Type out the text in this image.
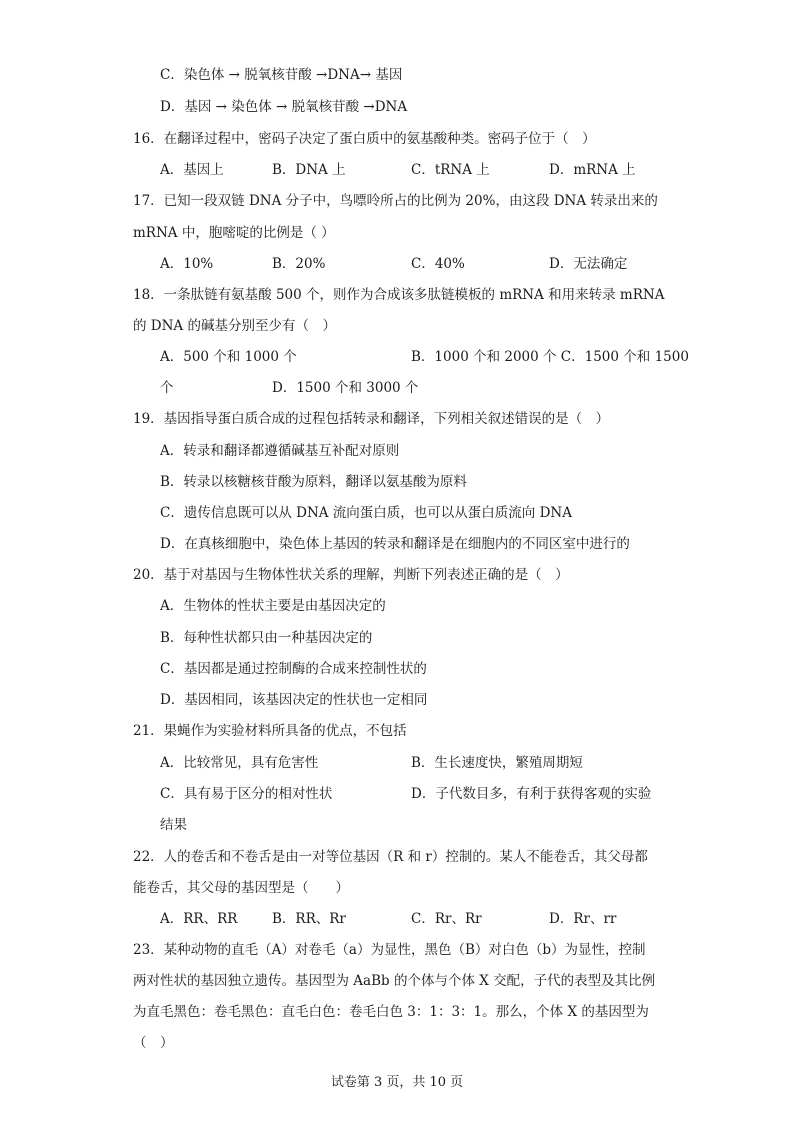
C．染色体 → 脱氧核苷酸 →DNA→ 基因
D．基因 → 染色体 → 脱氧核苷酸 →DNA
16．在翻译过程中，密码子决定了蛋白质中的氨基酸种类。密码子位于（　）
A．基因上	B．DNA 上	C．tRNA 上	D．mRNA 上
17．已知一段双链 DNA 分子中，鸟嘌呤所占的比例为 20%，由这段 DNA 转录出来的
mRNA 中，胞嘧啶的比例是（ ）
A．10%	B．20%	C．40%	D．无法确定
18．一条肽链有氨基酸 500 个，则作为合成该多肽链模板的 mRNA 和用来转录 mRNA
的 DNA 的碱基分别至少有（　）
A．500 个和 1000 个	B．1000 个和 2000 个 C．1500 个和 1500
个	D．1500 个和 3000 个
19．基因指导蛋白质合成的过程包括转录和翻译，下列相关叙述错误的是（　）
A．转录和翻译都遵循碱基互补配对原则
B．转录以核糖核苷酸为原料，翻译以氨基酸为原料
C．遗传信息既可以从 DNA 流向蛋白质，也可以从蛋白质流向 DNA
D．在真核细胞中，染色体上基因的转录和翻译是在细胞内的不同区室中进行的
20．基于对基因与生物体性状关系的理解，判断下列表述正确的是（　）
A．生物体的性状主要是由基因决定的
B．每种性状都只由一种基因决定的
C．基因都是通过控制酶的合成来控制性状的
D．基因相同，该基因决定的性状也一定相同
21．果蝇作为实验材料所具备的优点，不包括
A．比较常见，具有危害性	B．生长速度快，繁殖周期短
C．具有易于区分的相对性状	D．子代数目多，有利于获得客观的实验
结果
22．人的卷舌和不卷舌是由一对等位基因（R 和 r）控制的。某人不能卷舌，其父母都
能卷舌，其父母的基因型是（　　）
A．RR、RR	B．RR、Rr	C．Rr、Rr	D．Rr、rr
23．某种动物的直毛（A）对卷毛（a）为显性，黑色（B）对白色（b）为显性，控制
两对性状的基因独立遗传。基因型为 AaBb 的个体与个体 X 交配，子代的表型及其比例
为直毛黑色：卷毛黑色：直毛白色：卷毛白色 3：1：3：1。那么，个体 X 的基因型为
（　）
试卷第 3 页，共 10 页
